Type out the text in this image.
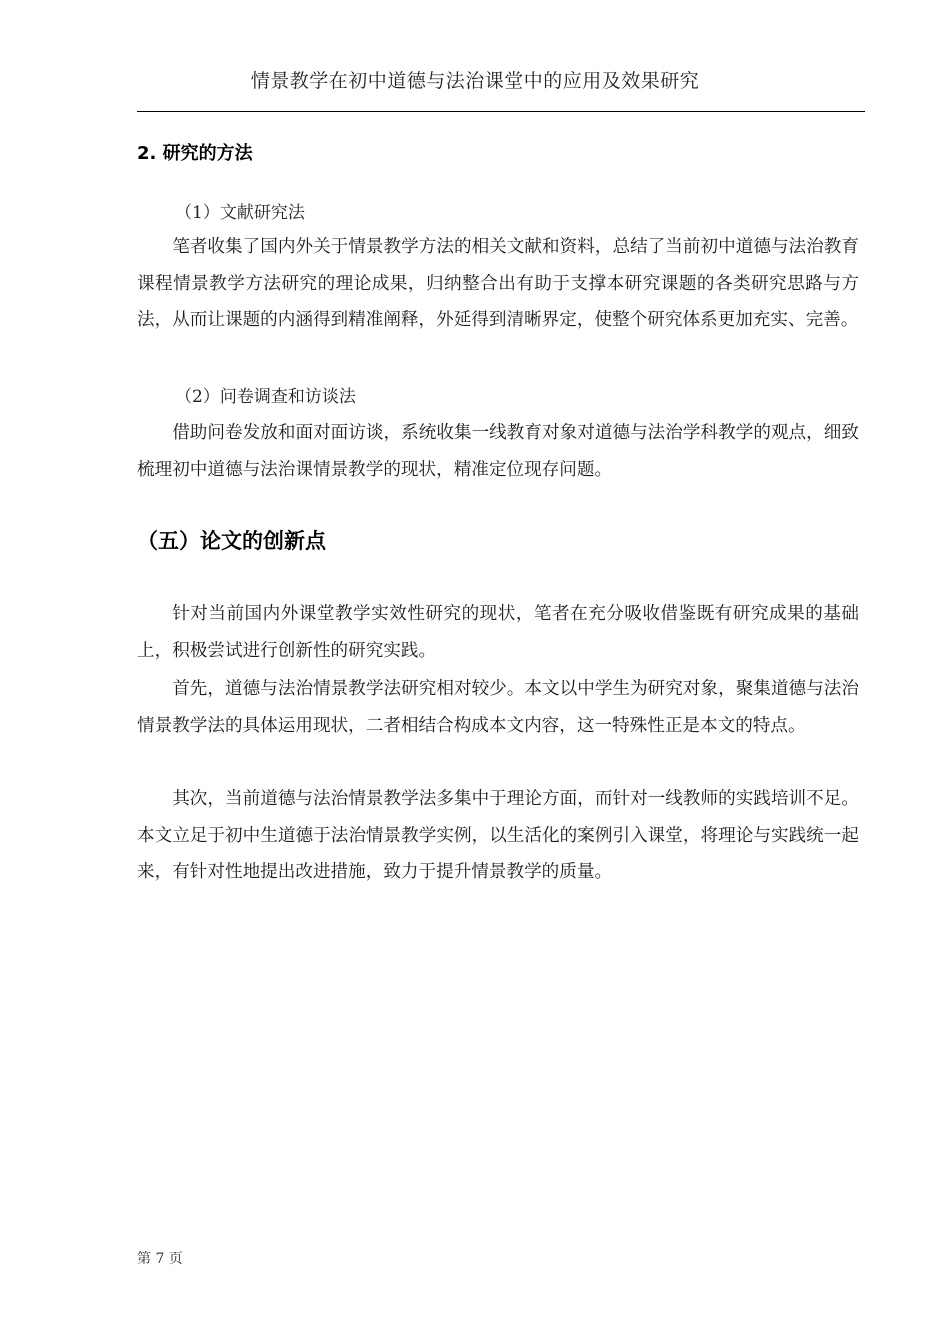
情景教学在初中道德与法治课堂中的应用及效果研究
2. 研究的方法
（1）文献研究法
笔者收集了国内外关于情景教学方法的相关文献和资料，总结了当前初中道德与法治教育课程情景教学方法研究的理论成果，归纳整合出有助于支撑本研究课题的各类研究思路与方法，从而让课题的内涵得到精准阐释，外延得到清晰界定，使整个研究体系更加充实、完善。
（2）问卷调查和访谈法
借助问卷发放和面对面访谈，系统收集一线教育对象对道德与法治学科教学的观点，细致梳理初中道德与法治课情景教学的现状，精准定位现存问题。
（五）论文的创新点
针对当前国内外课堂教学实效性研究的现状，笔者在充分吸收借鉴既有研究成果的基础上，积极尝试进行创新性的研究实践。
首先，道德与法治情景教学法研究相对较少。本文以中学生为研究对象，聚集道德与法治情景教学法的具体运用现状，二者相结合构成本文内容，这一特殊性正是本文的特点。
其次，当前道德与法治情景教学法多集中于理论方面，而针对一线教师的实践培训不足。本文立足于初中生道德于法治情景教学实例，以生活化的案例引入课堂，将理论与实践统一起来，有针对性地提出改进措施，致力于提升情景教学的质量。
第 7 页
